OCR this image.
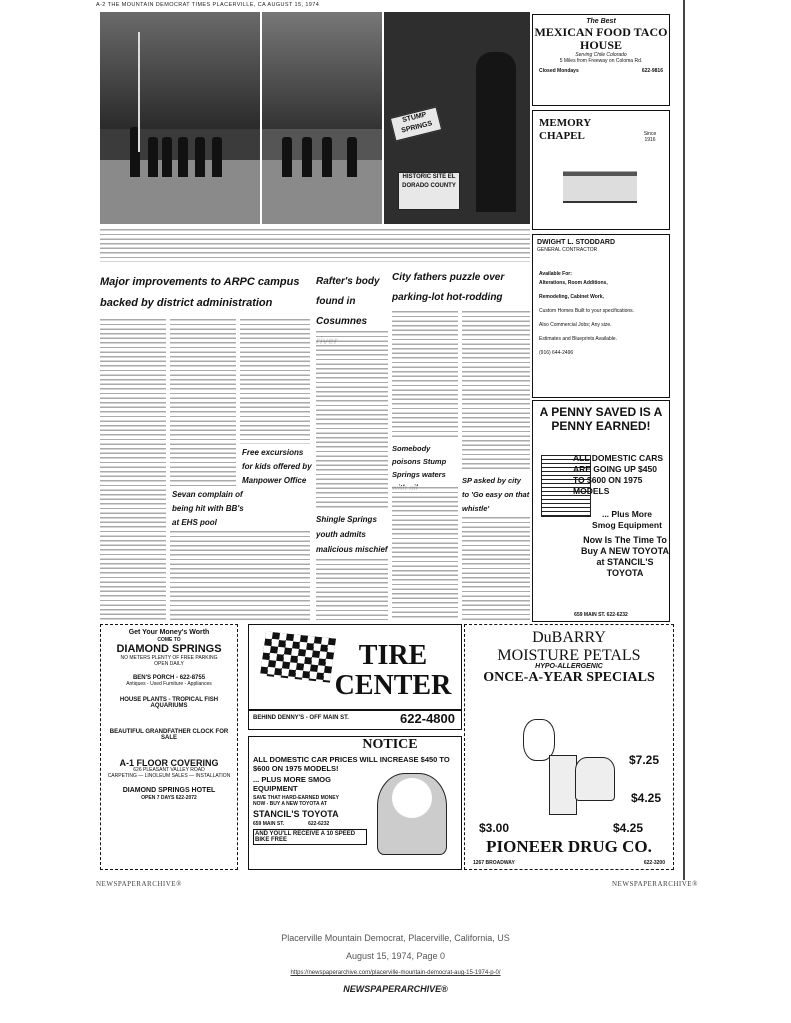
A-2 THE MOUNTAIN DEMOCRAT TIMES PLACERVILLE, CA AUGUST 15, 1974
STUMP SPRINGS
HISTORIC SITE EL DORADO COUNTY
Major improvements to ARPC campus backed by district administration
Rafter's body found in Cosumnes
City fathers puzzle over parking-lot hot-rodding
Sevan complain of being hit with BB's at EHS pool
Free excursions for kids offered by Manpower Office
Shingle Springs youth admits malicious mischief
Somebody poisons Stump Springs waters
SP asked by city to 'Go easy on that whistle'
The Best
MEXICAN FOOD TACO HOUSE
Serving Chile Colorado
5 Miles from Freeway on Coloma Rd.
Closed Mondays	622-9816
MEMORY CHAPEL	Since 1916
DWIGHT L. STODDARD
GENERAL CONTRACTOR
Available For:
Alterations, Room Additions,
Remodeling, Cabinet Work,
Custom Homes Built to your specifications.
Also Commercial Jobs; Any size.
Estimates and Blueprints Available.
(916) 644-2496
A PENNY SAVED IS A PENNY EARNED!
ALL DOMESTIC CARS ARE GOING UP $450 TO $600 ON 1975 MODELS
... Plus More Smog Equipment
Now Is The Time To Buy A NEW TOYOTA at STANCIL'S TOYOTA
659 MAIN ST. 622-6232
Get Your Money's Worth
COME TO
DIAMOND SPRINGS
NO METERS PLENTY OF FREE PARKING
OPEN DAILY
BEN'S PORCH - 622-8755
Antiques - Used Furniture - Appliances
HOUSE PLANTS - TROPICAL FISH AQUARIUMS
BEAUTIFUL GRANDFATHER CLOCK FOR SALE
A-1 FLOOR COVERING
626 PLEASANT VALLEY ROAD
CARPETING — LINOLEUM SALES — INSTALLATION
DIAMOND SPRINGS HOTEL
OPEN 7 DAYS 622-2072
TIRE CENTER
BEHIND DENNY'S - OFF MAIN ST.	622-4800
NOTICE
ALL DOMESTIC CAR PRICES WILL INCREASE $450 TO $600 ON 1975 MODELS!
... PLUS MORE SMOG EQUIPMENT
SAVE THAT HARD-EARNED MONEY NOW - BUY A NEW TOYOTA AT
STANCIL'S TOYOTA
659 MAIN ST.	622-6232
AND YOU'LL RECEIVE A 10 SPEED BIKE FREE
DuBARRY
MOISTURE PETALS
HYPO-ALLERGENIC
ONCE-A-YEAR SPECIALS
$7.25
$4.25
$3.00	$4.25
PIONEER DRUG CO.
1267 BROADWAY	622-3200
NEWSPAPERARCHIVE®	NEWSPAPERARCHIVE®
Placerville Mountain Democrat, Placerville, California, US
August 15, 1974, Page 0
https://newspaperarchive.com/placerville-mountain-democrat-aug-15-1974-p-0/
NEWSPAPERARCHIVE®
